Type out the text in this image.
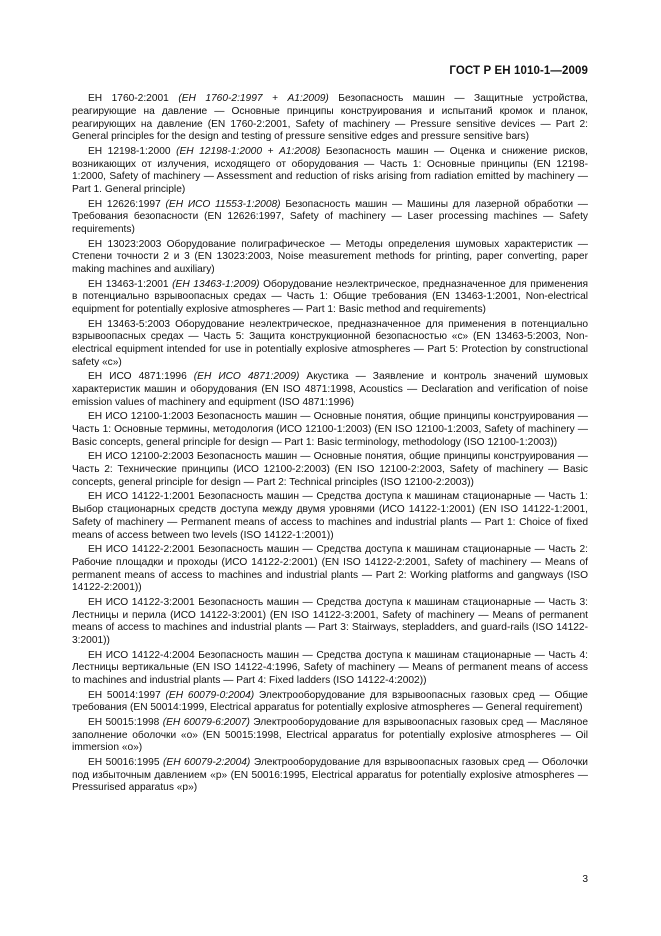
ГОСТ Р ЕН 1010-1—2009

ЕН 1760-2:2001 (ЕН 1760-2:1997 + А1:2009) Безопасность машин — Защитные устройства, реагирующие на давление — Основные принципы конструирования и испытаний кромок и планок, реагирующих на давление (EN 1760-2:2001, Safety of machinery — Pressure sensitive devices — Part 2: General principles for the design and testing of pressure sensitive edges and pressure sensitive bars)

ЕН 12198-1:2000 (ЕН 12198-1:2000 + А1:2008) Безопасность машин — Оценка и снижение рисков, возникающих от излучения, исходящего от оборудования — Часть 1: Основные принципы (EN 12198-1:2000, Safety of machinery — Assessment and reduction of risks arising from radiation emitted by machinery — Part 1. General principle)

ЕН 12626:1997 (ЕН ИСО 11553-1:2008) Безопасность машин — Машины для лазерной обработки — Требования безопасности (EN 12626:1997, Safety of machinery — Laser processing machines — Safety requirements)

ЕН 13023:2003 Оборудование полиграфическое — Методы определения шумовых характеристик — Степени точности 2 и 3 (EN 13023:2003, Noise measurement methods for printing, paper converting, paper making machines and auxiliary)

ЕН 13463-1:2001 (ЕН 13463-1:2009) Оборудование неэлектрическое, предназначенное для применения в потенциально взрывоопасных средах — Часть 1: Общие требования (EN 13463-1:2001, Non-electrical equipment for potentially explosive atmospheres — Part 1: Basic method and requirements)

ЕН 13463-5:2003 Оборудование неэлектрическое, предназначенное для применения в потенциально взрывоопасных средах — Часть 5: Защита конструкционной безопасностью «с» (EN 13463-5:2003, Non-electrical equipment intended for use in potentially explosive atmospheres — Part 5: Protection by constructional safety «с»)

ЕН ИСО 4871:1996 (ЕН ИСО 4871:2009) Акустика — Заявление и контроль значений шумовых характеристик машин и оборудования (EN ISO 4871:1998, Acoustics — Declaration and verification of noise emission values of machinery and equipment (ISO 4871:1996)

ЕН ИСО 12100-1:2003 Безопасность машин — Основные понятия, общие принципы конструирования — Часть 1: Основные термины, методология (ИСО 12100-1:2003) (EN ISO 12100-1:2003, Safety of machinery — Basic concepts, general principle for design — Part 1: Basic terminology, methodology (ISO 12100-1:2003))

ЕН ИСО 12100-2:2003 Безопасность машин — Основные понятия, общие принципы конструирования — Часть 2: Технические принципы (ИСО 12100-2:2003) (EN ISO 12100-2:2003, Safety of machinery — Basic concepts, general principle for design — Part 2: Technical principles (ISO 12100-2:2003))

ЕН ИСО 14122-1:2001 Безопасность машин — Средства доступа к машинам стационарные — Часть 1: Выбор стационарных средств доступа между двумя уровнями (ИСО 14122-1:2001) (EN ISO 14122-1:2001, Safety of machinery — Permanent means of access to machines and industrial plants — Part 1: Choice of fixed means of access between two levels (ISO 14122-1:2001))

ЕН ИСО 14122-2:2001 Безопасность машин — Средства доступа к машинам стационарные — Часть 2: Рабочие площадки и проходы (ИСО 14122-2:2001) (EN ISO 14122-2:2001, Safety of machinery — Means of permanent means of access to machines and industrial plants — Part 2: Working platforms and gangways (ISO 14122-2:2001))

ЕН ИСО 14122-3:2001 Безопасность машин — Средства доступа к машинам стационарные — Часть 3: Лестницы и перила (ИСО 14122-3:2001) (EN ISO 14122-3:2001, Safety of machinery — Means of permanent means of access to machines and industrial plants — Part 3: Stairways, stepladders, and guard-rails (ISO 14122-3:2001))

ЕН ИСО 14122-4:2004 Безопасность машин — Средства доступа к машинам стационарные — Часть 4: Лестницы вертикальные (EN ISO 14122-4:1996, Safety of machinery — Means of permanent means of access to machines and industrial plants — Part 4: Fixed ladders (ISO 14122-4:2002))

ЕН 50014:1997 (ЕН 60079-0:2004) Электрооборудование для взрывоопасных газовых сред — Общие требования (EN 50014:1999, Electrical apparatus for potentially explosive atmospheres — General requirement)

ЕН 50015:1998 (ЕН 60079-6:2007) Электрооборудование для взрывоопасных газовых сред — Масляное заполнение оболочки «о» (EN 50015:1998, Electrical apparatus for potentially explosive atmospheres — Oil immersion «о»)

ЕН 50016:1995 (ЕН 60079-2:2004) Электрооборудование для взрывоопасных газовых сред — Оболочки под избыточным давлением «р» (EN 50016:1995, Electrical apparatus for potentially explosive atmospheres — Pressurised apparatus «р»)

3
